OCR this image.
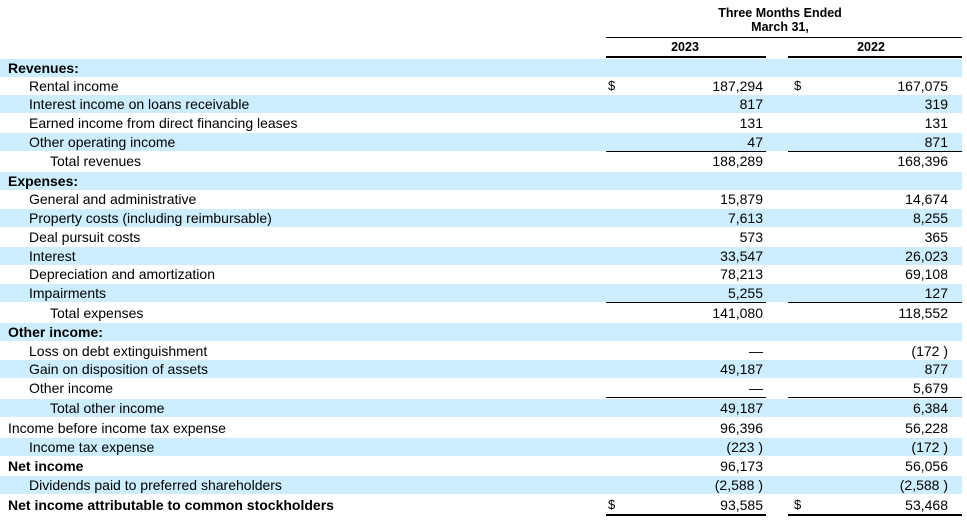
Three Months Ended
March 31,
2023	2022
Revenues:
Rental income	$	187,294 $	167,075
Interest income on loans receivable	817	319
Earned income from direct financing leases	131	131
Other operating income	47	871
Total revenues	188,289	168,396
Expenses:
General and administrative	15,879	14,674
Property costs (including reimbursable)	7,613	8,255
Deal pursuit costs	573	365
Interest	33,547	26,023
Depreciation and amortization	78,213	69,108
Impairments	5,255	127
Total expenses	141,080	118,552
Other income:
Loss on debt extinguishment	—	(172 )
Gain on disposition of assets	49,187	877
Other income	—	5,679
Total other income	49,187	6,384
Income before income tax expense	96,396	56,228
Income tax expense	(223 )	(172 )
Net income	96,173	56,056
Dividends paid to preferred shareholders	(2,588 )	(2,588 )
Net income attributable to common stockholders	$	93,585 $	53,468
